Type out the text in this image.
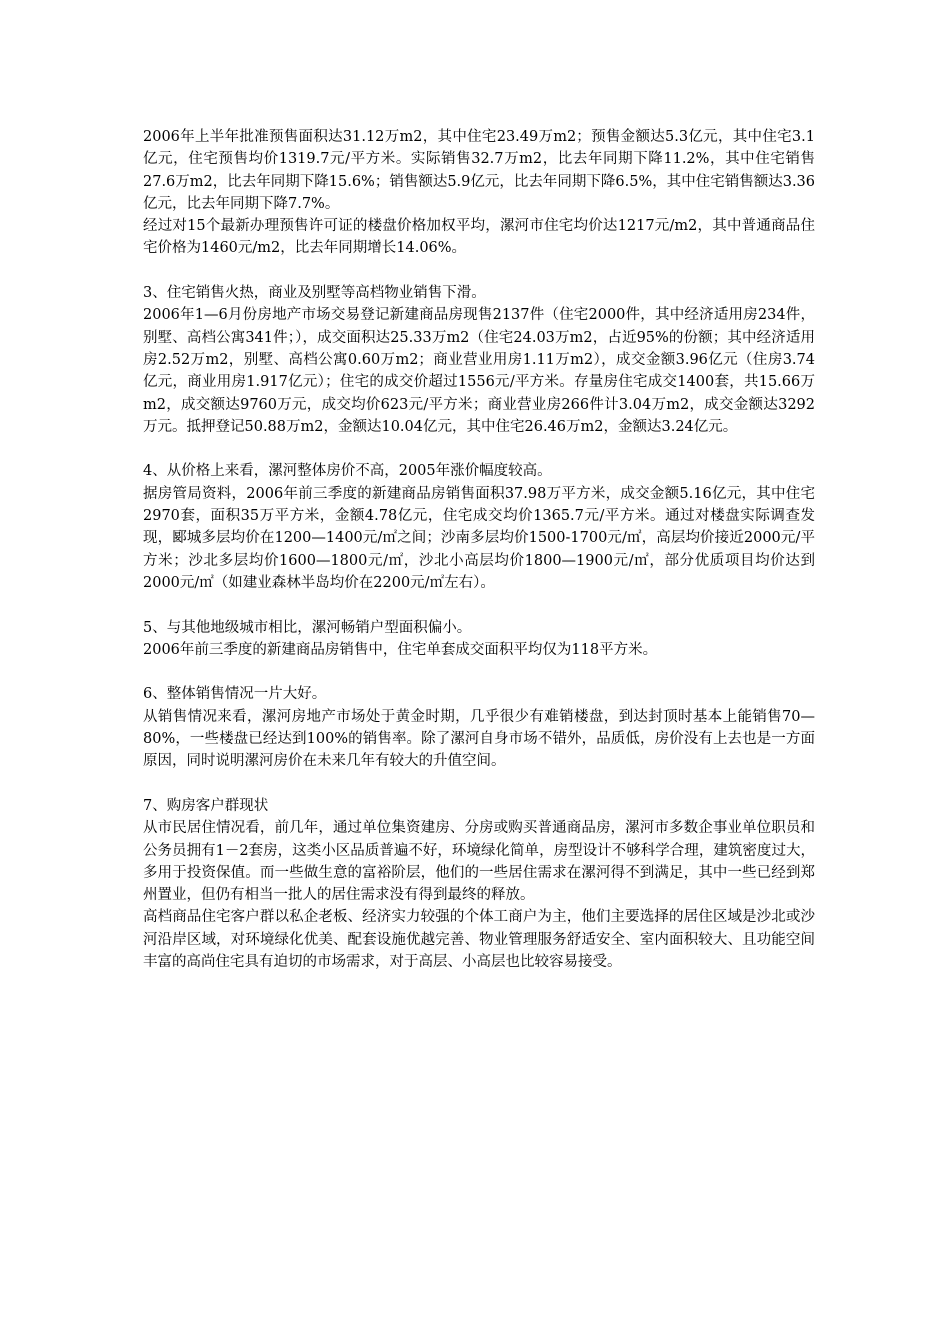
2006年上半年批准预售面积达31.12万m2，其中住宅23.49万m2；预售金额达5.3亿元，其中住宅3.1亿元，住宅预售均价1319.7元/平方米。实际销售32.7万m2，比去年同期下降11.2%，其中住宅销售27.6万m2，比去年同期下降15.6%；销售额达5.9亿元，比去年同期下降6.5%，其中住宅销售额达3.36亿元，比去年同期下降7.7%。

经过对15个最新办理预售许可证的楼盘价格加权平均，漯河市住宅均价达1217元/m2，其中普通商品住宅价格为1460元/m2，比去年同期增长14.06%。

3、住宅销售火热，商业及别墅等高档物业销售下滑。

2006年1—6月份房地产市场交易登记新建商品房现售2137件（住宅2000件，其中经济适用房234件，别墅、高档公寓341件；），成交面积达25.33万m2（住宅24.03万m2，占近95%的份额；其中经济适用房2.52万m2，别墅、高档公寓0.60万m2；商业营业用房1.11万m2），成交金额3.96亿元（住房3.74亿元，商业用房1.917亿元）；住宅的成交价超过1556元/平方米。存量房住宅成交1400套，共15.66万m2，成交额达9760万元，成交均价623元/平方米；商业营业房266件计3.04万m2，成交金额达3292万元。抵押登记50.88万m2，金额达10.04亿元，其中住宅26.46万m2，金额达3.24亿元。

4、从价格上来看，漯河整体房价不高，2005年涨价幅度较高。

据房管局资料，2006年前三季度的新建商品房销售面积37.98万平方米，成交金额5.16亿元，其中住宅2970套，面积35万平方米，金额4.78亿元，住宅成交均价1365.7元/平方米。通过对楼盘实际调查发现，郾城多层均价在1200—1400元/㎡之间；沙南多层均价1500-1700元/㎡，高层均价接近2000元/平方米；沙北多层均价1600—1800元/㎡，沙北小高层均价1800—1900元/㎡，部分优质项目均价达到2000元/㎡（如建业森林半岛均价在2200元/㎡左右）。

5、与其他地级城市相比，漯河畅销户型面积偏小。

2006年前三季度的新建商品房销售中，住宅单套成交面积平均仅为118平方米。

6、整体销售情况一片大好。

从销售情况来看，漯河房地产市场处于黄金时期，几乎很少有难销楼盘，到达封顶时基本上能销售70—80%，一些楼盘已经达到100%的销售率。除了漯河自身市场不错外，品质低，房价没有上去也是一方面原因，同时说明漯河房价在未来几年有较大的升值空间。

7、购房客户群现状

从市民居住情况看，前几年，通过单位集资建房、分房或购买普通商品房，漯河市多数企事业单位职员和公务员拥有1－2套房，这类小区品质普遍不好，环境绿化简单，房型设计不够科学合理，建筑密度过大，多用于投资保值。而一些做生意的富裕阶层，他们的一些居住需求在漯河得不到满足，其中一些已经到郑州置业，但仍有相当一批人的居住需求没有得到最终的释放。

高档商品住宅客户群以私企老板、经济实力较强的个体工商户为主，他们主要选择的居住区域是沙北或沙河沿岸区域，对环境绿化优美、配套设施优越完善、物业管理服务舒适安全、室内面积较大、且功能空间丰富的高尚住宅具有迫切的市场需求，对于高层、小高层也比较容易接受。
